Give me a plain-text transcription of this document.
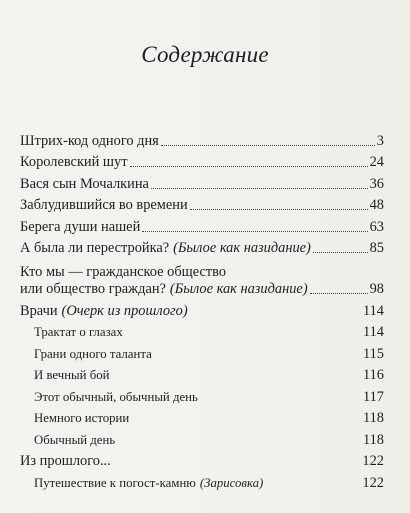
Содержание
Штрих-код одного дня	3
Королевский шут	24
Вася сын Мочалкина	36
Заблудившийся во времени	48
Берега души нашей	63
А была ли перестройка? (Былое как назидание)	85
Кто мы — гражданское общество
или общество граждан? (Былое как назидание)	98
Врачи (Очерк из прошлого)	114
Трактат о глазах	114
Грани одного таланта	115
И вечный бой	116
Этот обычный, обычный день	117
Немного истории	118
Обычный день	118
Из прошлого...	122
Путешествие к погост-камню (Зарисовка)	122
